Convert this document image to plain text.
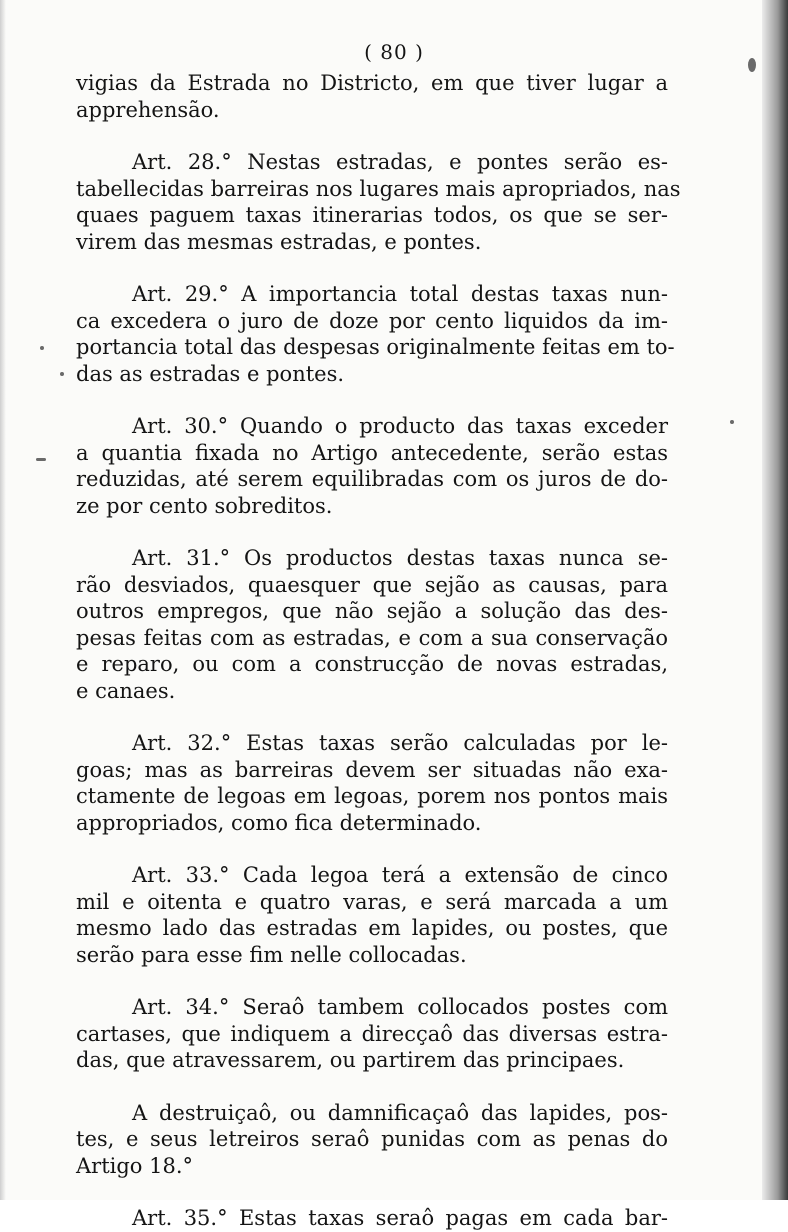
( 80 )

vigias da Estrada no Districto, em que tiver lugar a
apprehensão.

Art. 28.° Nestas estradas, e pontes serão es-
tabellecidas barreiras nos lugares mais apropriados, nas
quaes paguem taxas itinerarias todos, os que se ser-
virem das mesmas estradas, e pontes.

Art. 29.° A importancia total destas taxas nun-
ca excedera o juro de doze por cento liquidos da im-
portancia total das despesas originalmente feitas em to-
das as estradas e pontes.

Art. 30.° Quando o producto das taxas exceder
a quantia fixada no Artigo antecedente, serão estas
reduzidas, até serem equilibradas com os juros de do-
ze por cento sobreditos.

Art. 31.° Os productos destas taxas nunca se-
rão desviados, quaesquer que sejão as causas, para
outros empregos, que não sejão a solução das des-
pesas feitas com as estradas, e com a sua conservação
e reparo, ou com a construcção de novas estradas,
e canaes.

Art. 32.° Estas taxas serão calculadas por le-
goas; mas as barreiras devem ser situadas não exa-
ctamente de legoas em legoas, porem nos pontos mais
appropriados, como fica determinado.

Art. 33.° Cada legoa terá a extensão de cinco
mil e oitenta e quatro varas, e será marcada a um
mesmo lado das estradas em lapides, ou postes, que
serão para esse fim nelle collocadas.

Art. 34.° Seraô tambem collocados postes com
cartases, que indiquem a direcçaô das diversas estra-
das, que atravessarem, ou partirem das principaes.

A destruiçaô, ou damnificaçaô das lapides, pos-
tes, e seus letreiros seraô punidas com as penas do
Artigo 18.°

Art. 35.° Estas taxas seraô pagas em cada bar-
